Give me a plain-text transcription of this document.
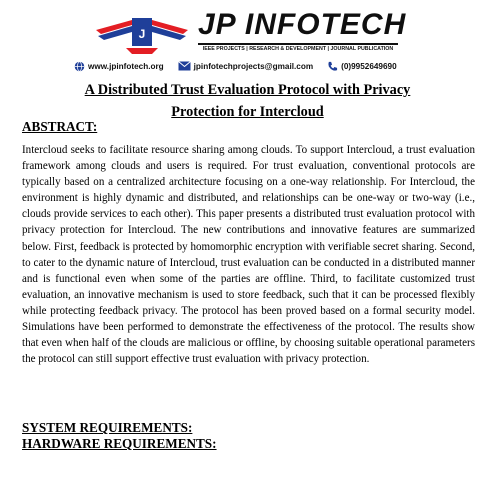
J JP INFOTECH
IEEE PROJECTS | RESEARCH & DEVELOPMENT | JOURNAL PUBLICATION
www.jpinfotech.org	jpinfotechprojects@gmail.com	(0)9952649690
A Distributed Trust Evaluation Protocol with Privacy
Protection for Intercloud
ABSTRACT:

Intercloud seeks to facilitate resource sharing among clouds. To support Intercloud, a trust evaluation framework among clouds and users is required. For trust evaluation, conventional protocols are typically based on a centralized architecture focusing on a one-way relationship. For Intercloud, the environment is highly dynamic and distributed, and relationships can be one-way or two-way (i.e., clouds provide services to each other). This paper presents a distributed trust evaluation protocol with privacy protection for Intercloud. The new contributions and innovative features are summarized below. First, feedback is protected by homomorphic encryption with verifiable secret sharing. Second, to cater to the dynamic nature of Intercloud, trust evaluation can be conducted in a distributed manner and is functional even when some of the parties are offline. Third, to facilitate customized trust evaluation, an innovative mechanism is used to store feedback, such that it can be processed flexibly while protecting feedback privacy. The protocol has been proved based on a formal security model. Simulations have been performed to demonstrate the effectiveness of the protocol. The results show that even when half of the clouds are malicious or offline, by choosing suitable operational parameters the protocol can still support effective trust evaluation with privacy protection.

SYSTEM REQUIREMENTS:
HARDWARE REQUIREMENTS:
